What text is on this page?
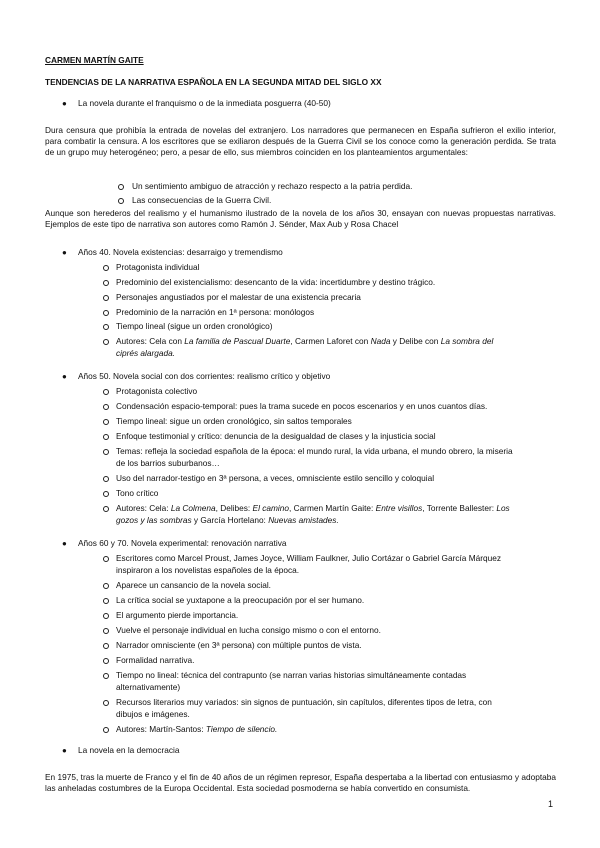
CARMEN MARTÍN GAITE
TENDENCIAS DE LA NARRATIVA ESPAÑOLA EN LA SEGUNDA MITAD DEL SIGLO XX
● La novela durante el franquismo o de la inmediata posguerra (40-50)
Dura censura que prohibía la entrada de novelas del extranjero. Los narradores que permanecen en España sufrieron el exilio interior, para combatir la censura. A los escritores que se exiliaron después de la Guerra Civil se los conoce como la generación perdida. Se trata de un grupo muy heterogéneo; pero, a pesar de ello, sus miembros coinciden en los planteamientos argumentales:
Un sentimiento ambiguo de atracción y rechazo respecto a la patria perdida.
Las consecuencias de la Guerra Civil.
Aunque son herederos del realismo y el humanismo ilustrado de la novela de los años 30, ensayan con nuevas propuestas narrativas. Ejemplos de este tipo de narrativa son autores como Ramón J. Sénder, Max Aub y Rosa Chacel
● Años 40. Novela existencias: desarraigo y tremendismo
Protagonista individual
Predominio del existencialismo: desencanto de la vida: incertidumbre y destino trágico.
Personajes angustiados por el malestar de una existencia precaria
Predominio de la narración en 1ª persona: monólogos
Tiempo lineal (sigue un orden cronológico)
Autores: Cela con La familia de Pascual Duarte, Carmen Laforet con Nada y Delibe con La sombra del
ciprés alargada.
● Años 50. Novela social con dos corrientes: realismo crítico y objetivo
Protagonista colectivo
Condensación espacio-temporal: pues la trama sucede en pocos escenarios y en unos cuantos días.
Tiempo lineal: sigue un orden cronológico, sin saltos temporales
Enfoque testimonial y crítico: denuncia de la desigualdad de clases y la injusticia social
Temas: refleja la sociedad española de la época: el mundo rural, la vida urbana, el mundo obrero, la miseria
de los barrios suburbanos…
Uso del narrador-testigo en 3ª persona, a veces, omnisciente estilo sencillo y coloquial
Tono crítico
Autores: Cela: La Colmena, Delibes: El camino, Carmen Martín Gaite: Entre visillos, Torrente Ballester: Los
gozos y las sombras y García Hortelano: Nuevas amistades.
● Años 60 y 70. Novela experimental: renovación narrativa
Escritores como Marcel Proust, James Joyce, William Faulkner, Julio Cortázar o Gabriel García Márquez
inspiraron a los novelistas españoles de la época.
Aparece un cansancio de la novela social.
La crítica social se yuxtapone a la preocupación por el ser humano.
El argumento pierde importancia.
Vuelve el personaje individual en lucha consigo mismo o con el entorno.
Narrador omnisciente (en 3ª persona) con múltiple puntos de vista.
Formalidad narrativa.
Tiempo no lineal: técnica del contrapunto (se narran varias historias simultáneamente contadas
alternativamente)
Recursos literarios muy variados: sin signos de puntuación, sin capítulos, diferentes tipos de letra, con
dibujos e imágenes.
Autores: Martín-Santos: Tiempo de silencio.
● La novela en la democracia
En 1975, tras la muerte de Franco y el fin de 40 años de un régimen represor, España despertaba a la libertad con entusiasmo y adoptaba las anheladas costumbres de la Europa Occidental. Esta sociedad posmoderna se había convertido en consumista.
1
